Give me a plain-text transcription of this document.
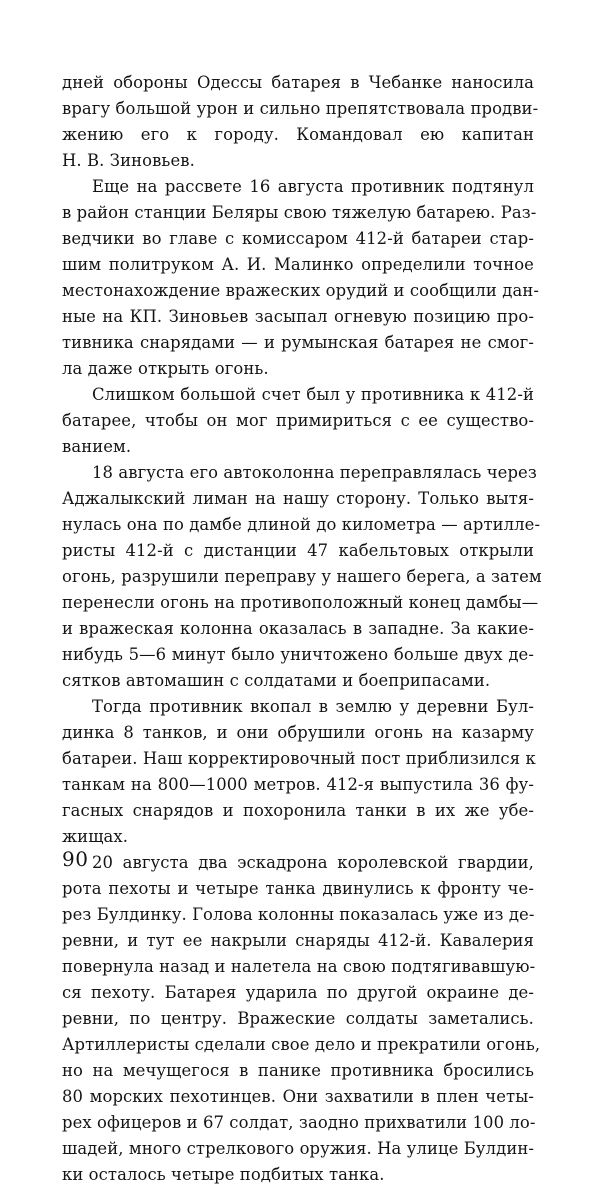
дней обороны Одессы батарея в Чебанке наносила
врагу большой урон и сильно препятствовала продви-
жению его к городу. Командовал ею капитан
Н. В. Зиновьев.
Еще на рассвете 16 августа противник подтянул
в район станции Беляры свою тяжелую батарею. Раз-
ведчики во главе с комиссаром 412-й батареи стар-
шим политруком А. И. Малинко определили точное
местонахождение вражеских орудий и сообщили дан-
ные на КП. Зиновьев засыпал огневую позицию про-
тивника снарядами — и румынская батарея не смог-
ла даже открыть огонь.
Слишком большой счет был у противника к 412-й
батарее, чтобы он мог примириться с ее существо-
ванием.
18 августа его автоколонна переправлялась через
Аджалыкский лиман на нашу сторону. Только вытя-
нулась она по дамбе длиной до километра — артилле-
ристы 412-й с дистанции 47 кабельтовых открыли
огонь, разрушили переправу у нашего берега, а затем
перенесли огонь на противоположный конец дамбы—
и вражеская колонна оказалась в западне. За какие-
нибудь 5—6 минут было уничтожено больше двух де-
сятков автомашин с солдатами и боеприпасами.
Тогда противник вкопал в землю у деревни Бул-
динка 8 танков, и они обрушили огонь на казарму
батареи. Наш корректировочный пост приблизился к
танкам на 800—1000 метров. 412-я выпустила 36 фу-
гасных снарядов и похоронила танки в их же убе-
жищах.
20 августа два эскадрона королевской гвардии,
рота пехоты и четыре танка двинулись к фронту че-
рез Булдинку. Голова колонны показалась уже из де-
ревни, и тут ее накрыли снаряды 412-й. Кавалерия
повернула назад и налетела на свою подтягивавшую-
ся пехоту. Батарея ударила по другой окраине де-
ревни, по центру. Вражеские солдаты заметались.
Артиллеристы сделали свое дело и прекратили огонь,
но на мечущегося в панике противника бросились
80 морских пехотинцев. Они захватили в плен четы-
рех офицеров и 67 солдат, заодно прихватили 100 ло-
шадей, много стрелкового оружия. На улице Булдин-
ки осталось четыре подбитых танка.
90
